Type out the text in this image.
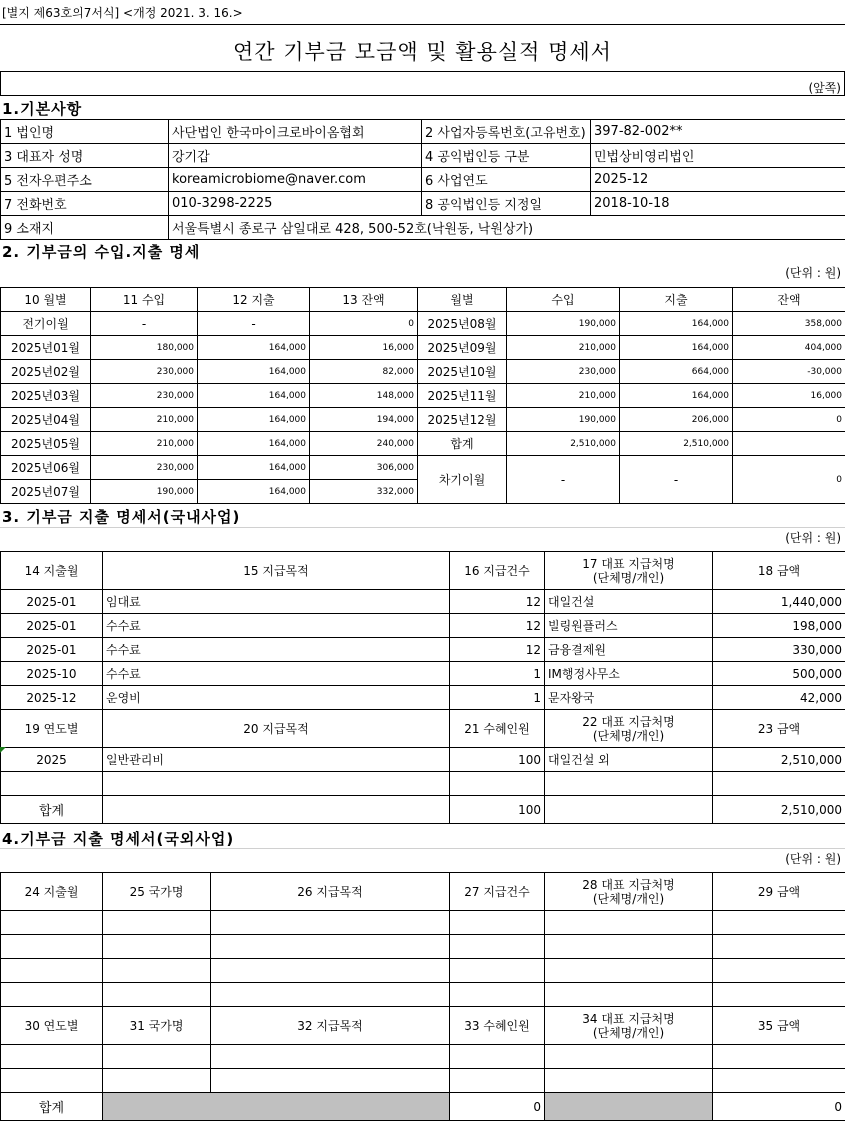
[별지 제63호의7서식] <개정 2021. 3. 16.>
연간 기부금 모금액 및 활용실적 명세서
(앞쪽)
1.기본사항
1 법인명	사단법인 한국마이크로바이옴협회	2 사업자등록번호(고유번호)	397-82-002**
3 대표자 성명	강기갑	4 공익법인등 구분	민법상비영리법인
5 전자우편주소	koreamicrobiome@naver.com	6 사업연도	2025-12
7 전화번호	010-3298-2225	8 공익법인등 지정일	2018-10-18
9 소재지	서울특별시 종로구 삼일대로 428, 500-52호(낙원동, 낙원상가)		
2. 기부금의 수입.지출 명세
(단위 : 원)
10 월별	11 수입	12 지출	13 잔액	월별	수입	지출	잔액
전기이월	-	-	0	2025년08월	190,000	164,000	358,000
2025년01월	180,000	164,000	16,000	2025년09월	210,000	164,000	404,000
2025년02월	230,000	164,000	82,000	2025년10월	230,000	664,000	-30,000
2025년03월	230,000	164,000	148,000	2025년11월	210,000	164,000	16,000
2025년04월	210,000	164,000	194,000	2025년12월	190,000	206,000	0
2025년05월	210,000	164,000	240,000	합계	2,510,000	2,510,000	
2025년06월	230,000	164,000	306,000	차기이월	-	-	0
2025년07월	190,000	164,000	332,000				
3. 기부금 지출 명세서(국내사업)
(단위 : 원)
14 지출월	15 지급목적	16 지급건수	17 대표 지급처명
(단체명/개인)	18 금액
2025-01	임대료	12	대일건설	1,440,000
2025-01	수수료	12	빌링원플러스	198,000
2025-01	수수료	12	금융결제원	330,000
2025-10	수수료	1	IM행정사무소	500,000
2025-12	운영비	1	문자왕국	42,000
19 연도별	20 지급목적	21 수혜인원	22 대표 지급처명
(단체명/개인)	23 금액
2025	일반관리비	100	대일건설 외	2,510,000

합계		100		2,510,000
4.기부금 지출 명세서(국외사업)
(단위 : 원)
24 지출월	25 국가명	26 지급목적	27 지급건수	28 대표 지급처명
(단체명/개인)	29 금액

30 연도별	31 국가명	32 지급목적	33 수혜인원	34 대표 지급처명
(단체명/개인)	35 금액

합계			0		0
